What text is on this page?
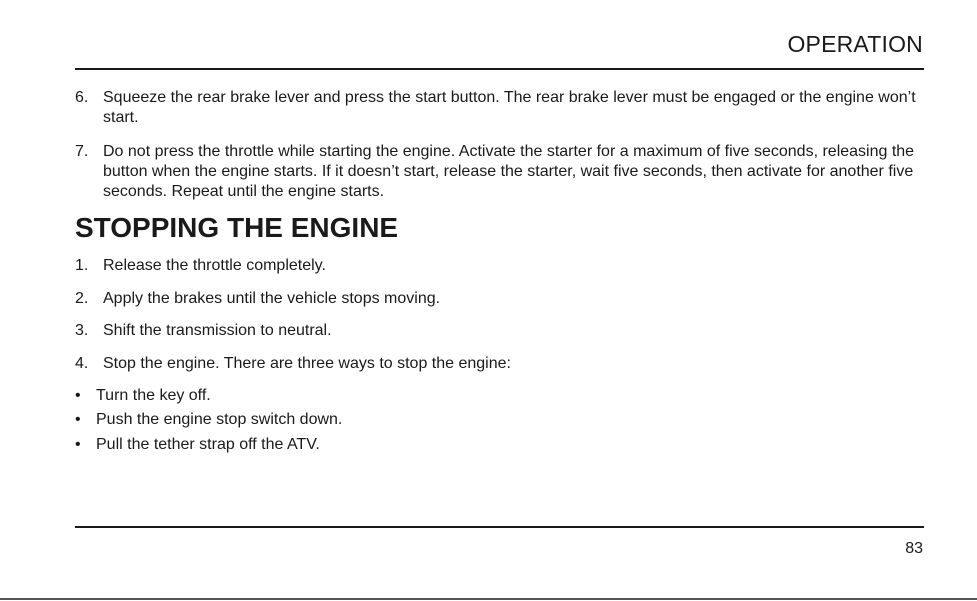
OPERATION
6. Squeeze the rear brake lever and press the start button. The rear brake lever must be engaged or the engine won’t start.
7. Do not press the throttle while starting the engine. Activate the starter for a maximum of five seconds, releasing the button when the engine starts. If it doesn’t start, release the starter, wait five seconds, then activate for another five seconds. Repeat until the engine starts.
STOPPING THE ENGINE
1. Release the throttle completely.
2. Apply the brakes until the vehicle stops moving.
3. Shift the transmission to neutral.
4. Stop the engine. There are three ways to stop the engine:
• Turn the key off.
• Push the engine stop switch down.
• Pull the tether strap off the ATV.
83
